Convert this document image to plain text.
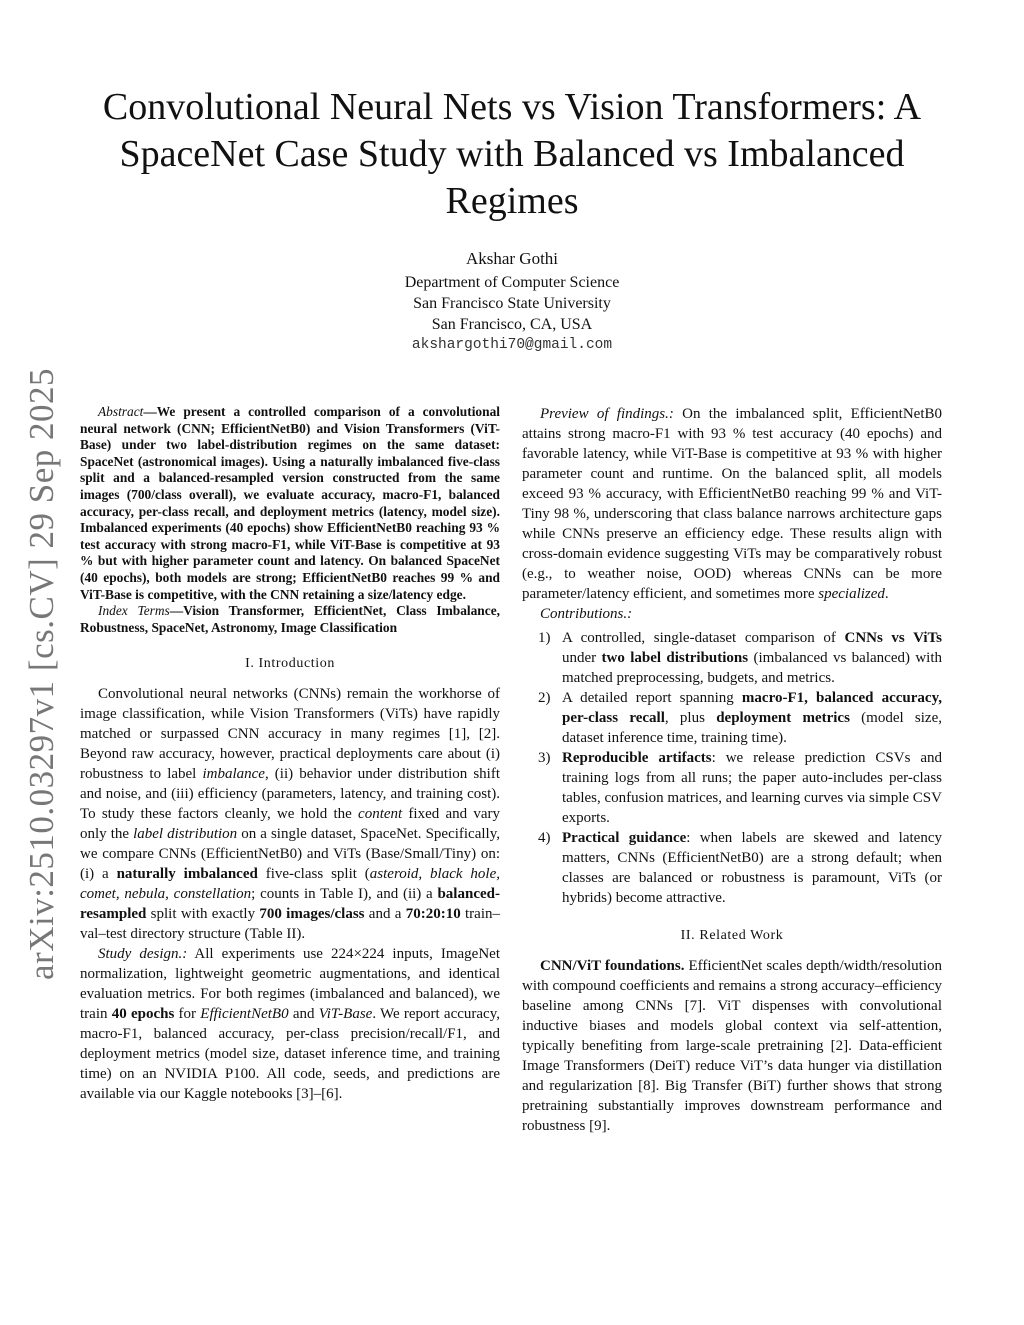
arXiv:2510.03297v1 [cs.CV] 29 Sep 2025
Convolutional Neural Nets vs Vision Transformers: A SpaceNet Case Study with Balanced vs Imbalanced Regimes
Akshar Gothi
Department of Computer Science
San Francisco State University
San Francisco, CA, USA
akshargothi70@gmail.com

Abstract—We present a controlled comparison of a convolutional neural network (CNN; EfficientNetB0) and Vision Transformers (ViT-Base) under two label-distribution regimes on the same dataset: SpaceNet (astronomical images). Using a naturally imbalanced five-class split and a balanced-resampled version constructed from the same images (700/class overall), we evaluate accuracy, macro-F1, balanced accuracy, per-class recall, and deployment metrics (latency, model size). Imbalanced experiments (40 epochs) show EfficientNetB0 reaching 93 % test accuracy with strong macro-F1, while ViT-Base is competitive at 93 % but with higher parameter count and latency. On balanced SpaceNet (40 epochs), both models are strong; EfficientNetB0 reaches 99 % and ViT-Base is competitive, with the CNN retaining a size/latency edge.

Index Terms—Vision Transformer, EfficientNet, Class Imbalance, Robustness, SpaceNet, Astronomy, Image Classification

I. Introduction

Convolutional neural networks (CNNs) remain the workhorse of image classification, while Vision Transformers (ViTs) have rapidly matched or surpassed CNN accuracy in many regimes [1], [2]. Beyond raw accuracy, however, practical deployments care about (i) robustness to label imbalance, (ii) behavior under distribution shift and noise, and (iii) efficiency (parameters, latency, and training cost). To study these factors cleanly, we hold the content fixed and vary only the label distribution on a single dataset, SpaceNet. Specifically, we compare CNNs (EfficientNetB0) and ViTs (Base/Small/Tiny) on: (i) a naturally imbalanced five-class split (asteroid, black hole, comet, nebula, constellation; counts in Table I), and (ii) a balanced-resampled split with exactly 700 images/class and a 70:20:10 train–val–test directory structure (Table II).

Study design.: All experiments use 224×224 inputs, ImageNet normalization, lightweight geometric augmentations, and identical evaluation metrics. For both regimes (imbalanced and balanced), we train 40 epochs for EfficientNetB0 and ViT-Base. We report accuracy, macro-F1, balanced accuracy, per-class precision/recall/F1, and deployment metrics (model size, dataset inference time, and training time) on an NVIDIA P100. All code, seeds, and predictions are available via our Kaggle notebooks [3]–[6].

Preview of findings.: On the imbalanced split, EfficientNetB0 attains strong macro-F1 with 93 % test accuracy (40 epochs) and favorable latency, while ViT-Base is competitive at 93 % with higher parameter count and runtime. On the balanced split, all models exceed 93 % accuracy, with EfficientNetB0 reaching 99 % and ViT-Tiny 98 %, underscoring that class balance narrows architecture gaps while CNNs preserve an efficiency edge. These results align with cross-domain evidence suggesting ViTs may be comparatively robust (e.g., to weather noise, OOD) whereas CNNs can be more parameter/latency efficient, and sometimes more specialized.

Contributions.:

1) A controlled, single-dataset comparison of CNNs vs ViTs under two label distributions (imbalanced vs balanced) with matched preprocessing, budgets, and metrics.
2) A detailed report spanning macro-F1, balanced accuracy, per-class recall, plus deployment metrics (model size, dataset inference time, training time).
3) Reproducible artifacts: we release prediction CSVs and training logs from all runs; the paper auto-includes per-class tables, confusion matrices, and learning curves via simple CSV exports.
4) Practical guidance: when labels are skewed and latency matters, CNNs (EfficientNetB0) are a strong default; when classes are balanced or robustness is paramount, ViTs (or hybrids) become attractive.
II. Related Work

CNN/ViT foundations. EfficientNet scales depth/width/resolution with compound coefficients and remains a strong accuracy–efficiency baseline among CNNs [7]. ViT dispenses with convolutional inductive biases and models global context via self-attention, typically benefiting from large-scale pretraining [2]. Data-efficient Image Transformers (DeiT) reduce ViT’s data hunger via distillation and regularization [8]. Big Transfer (BiT) further shows that strong pretraining substantially improves downstream performance and robustness [9].
